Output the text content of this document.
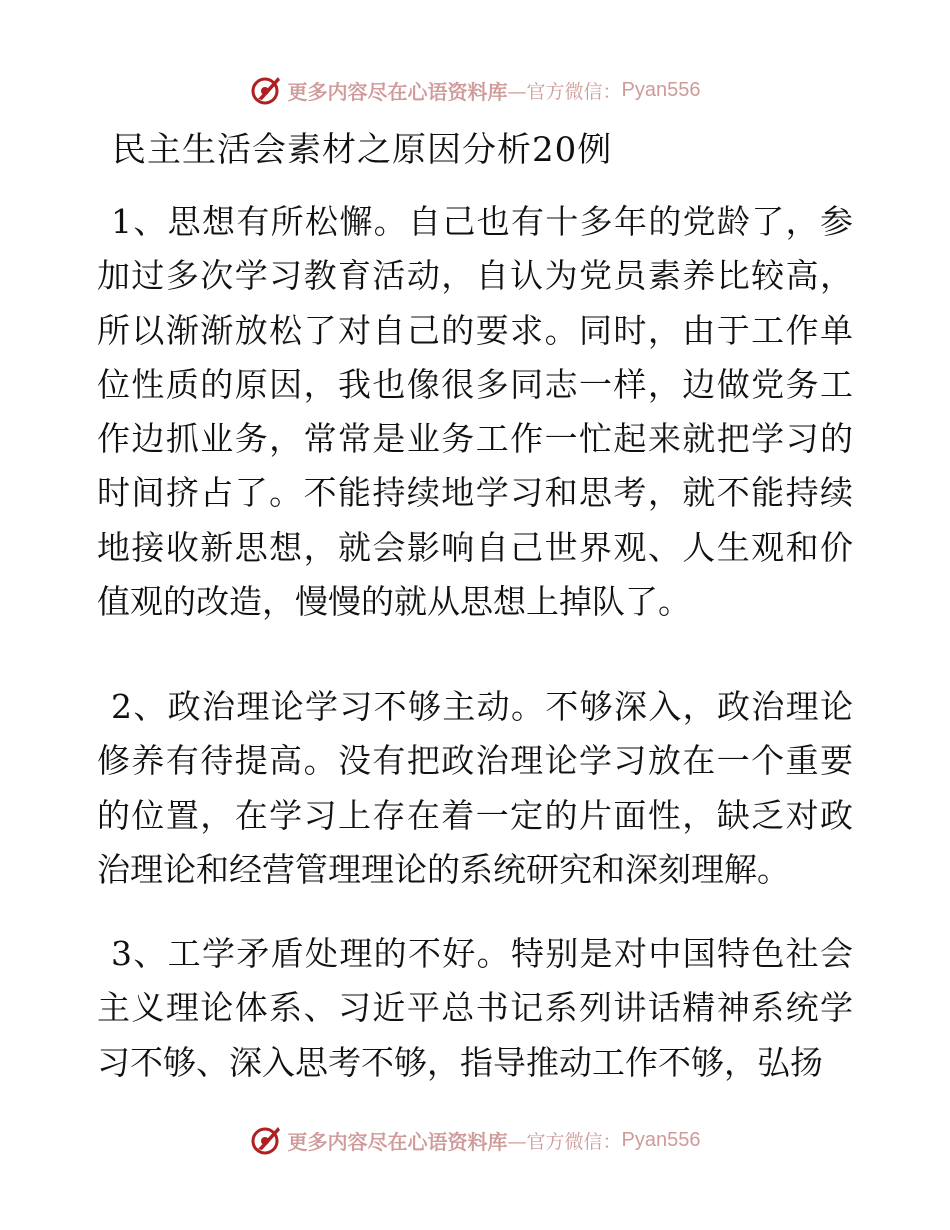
更多内容尽在心语资料库 —官方微信： Pyan556
民主生活会素材之原因分析20例
1、思想有所松懈。自己也有十多年的党龄了，参加过多次学习教育活动，自认为党员素养比较高，所以渐渐放松了对自己的要求。同时，由于工作单位性质的原因，我也像很多同志一样，边做党务工作边抓业务，常常是业务工作一忙起来就把学习的时间挤占了。不能持续地学习和思考，就不能持续地接收新思想，就会影响自己世界观、人生观和价值观的改造，慢慢的就从思想上掉队了。
2、政治理论学习不够主动。不够深入，政治理论修养有待提高。没有把政治理论学习放在一个重要的位置，在学习上存在着一定的片面性，缺乏对政治理论和经营管理理论的系统研究和深刻理解。
3、工学矛盾处理的不好。特别是对中国特色社会主义理论体系、习近平总书记系列讲话精神系统学习不够、深入思考不够，指导推动工作不够，弘扬
更多内容尽在心语资料库 —官方微信： Pyan556
